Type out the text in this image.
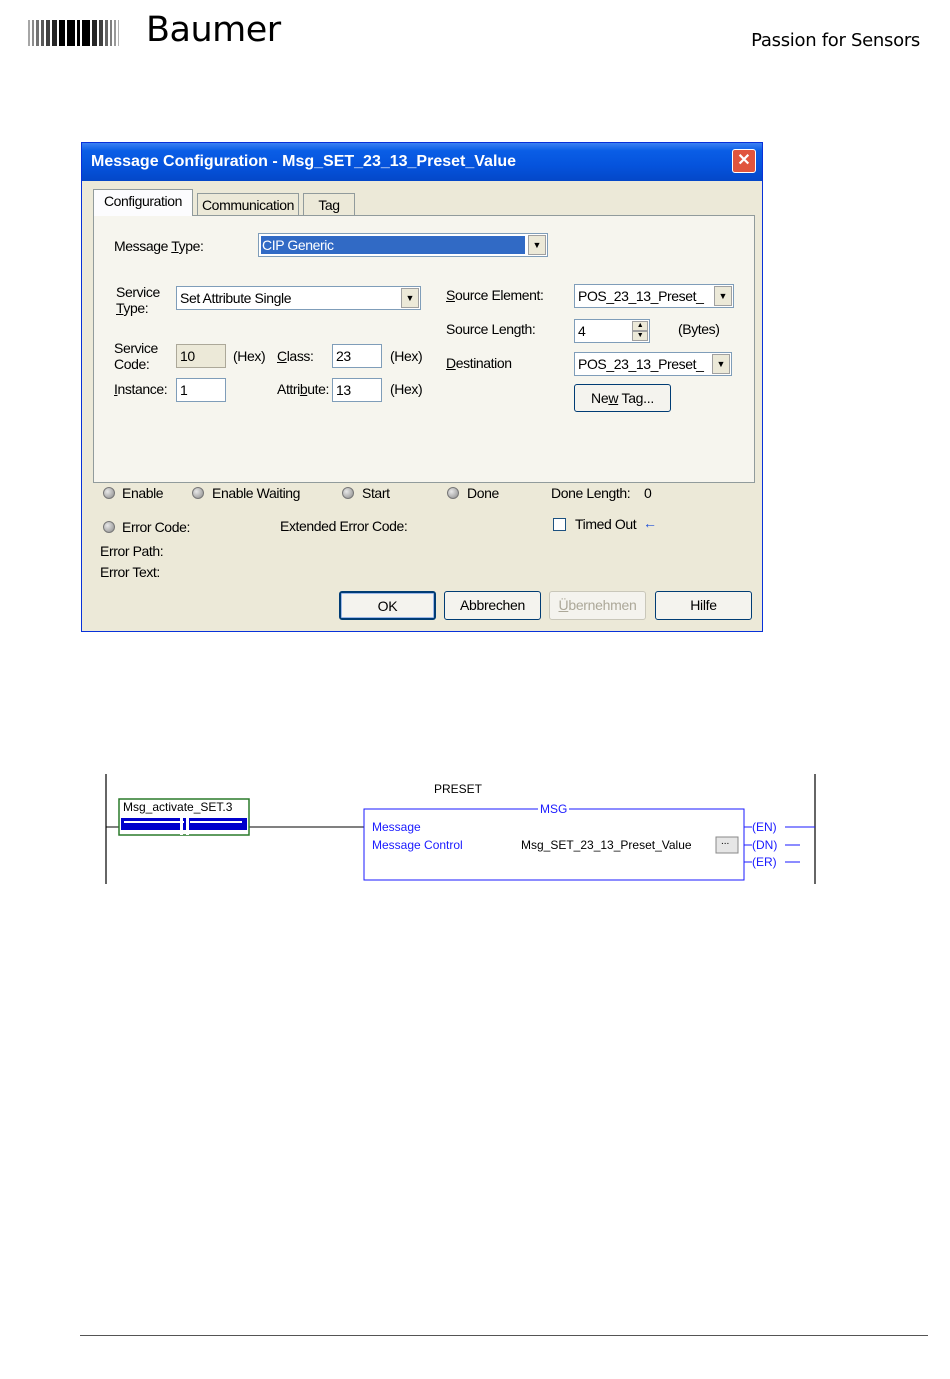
Baumer	Passion for Sensors
Message Configuration - Msg_SET_23_13_Preset_Value	✕
Configuration	Communication	Tag
Message Type:	CIP Generic	▼
Service
Type:
Set Attribute Single	▼
Service
Code:	10	(Hex) Class: 23	(Hex)
Instance: 1	Attribute: 13	(Hex)
Source Element: POS_23_13_Preset_	▼
Source Length:	4	▲
▼	(Bytes)
Destination	POS_23_13_Preset_	▼
New Tag...
Enable	Enable Waiting	Start	Done	Done Length: 0
Error Code:	Extended Error Code:	Timed Out ←
Error Path:
Error Text:
OK	Abbrechen	Übernehmen	Hilfe
Msg_activate_SET.3
PRESET
MSG
Message
Message Control	Msg_SET_23_13_Preset_Value	...
(EN)
(DN)
(ER)
